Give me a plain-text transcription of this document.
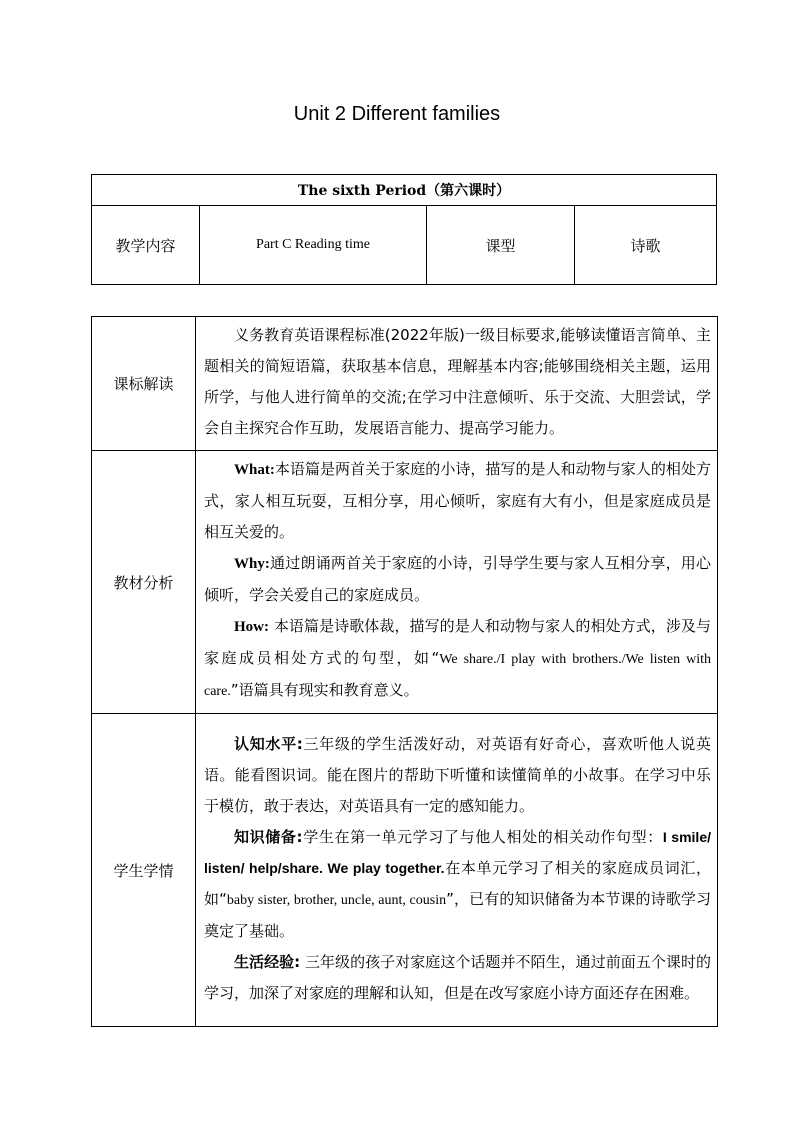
Unit 2 Different families
The sixth Period（第六课时）
教学内容	Part C Reading time	课型	诗歌
课标解读	义务教育英语课程标准(2022年版)一级目标要求,能够读懂语言简单、主题相关的简短语篇，获取基本信息，理解基本内容;能够围绕相关主题，运用所学，与他人进行简单的交流;在学习中注意倾听、乐于交流、大胆尝试，学会自主探究合作互助，发展语言能力、提高学习能力。

教材分析	What:本语篇是两首关于家庭的小诗，描写的是人和动物与家人的相处方式，家人相互玩耍，互相分享，用心倾听，家庭有大有小，但是家庭成员是相互关爱的。

Why:通过朗诵两首关于家庭的小诗，引导学生要与家人互相分享，用心倾听，学会关爱自己的家庭成员。

How: 本语篇是诗歌体裁，描写的是人和动物与家人的相处方式，涉及与家庭成员相处方式的句型，如“We share./I play with brothers./We listen with care.”语篇具有现实和教育意义。

学生学情	认知水平:三年级的学生活泼好动，对英语有好奇心，喜欢听他人说英语。能看图识词。能在图片的帮助下听懂和读懂简单的小故事。在学习中乐于模仿，敢于表达，对英语具有一定的感知能力。

知识储备:学生在第一单元学习了与他人相处的相关动作句型：I smile/ listen/ help/share. We play together.在本单元学习了相关的家庭成员词汇，如“baby sister, brother, uncle, aunt, cousin”，已有的知识储备为本节课的诗歌学习奠定了基础。

生活经验: 三年级的孩子对家庭这个话题并不陌生，通过前面五个课时的学习，加深了对家庭的理解和认知，但是在改写家庭小诗方面还存在困难。
